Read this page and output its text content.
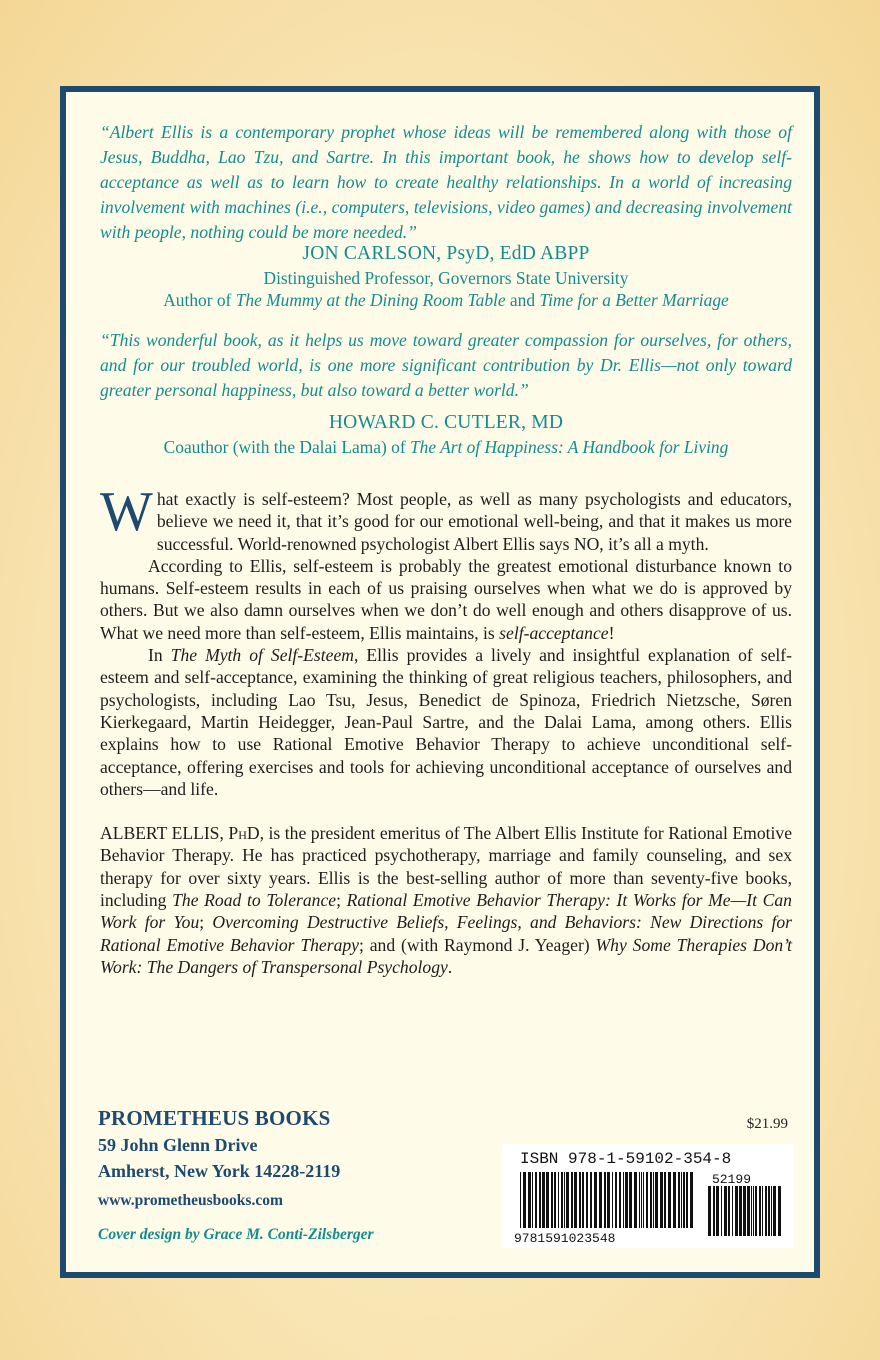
“Albert Ellis is a contemporary prophet whose ideas will be remembered along with those of Jesus, Buddha, Lao Tzu, and Sartre. In this important book, he shows how to develop self-acceptance as well as to learn how to create healthy relationships. In a world of increasing involvement with machines (i.e., computers, televisions, video games) and decreasing involvement with people, nothing could be more needed.”

JON CARLSON, PsyD, EdD ABPP
Distinguished Professor, Governors State University
Author of The Mummy at the Dining Room Table and Time for a Better Marriage

“This wonderful book, as it helps us move toward greater compassion for ourselves, for others, and for our troubled world, is one more significant contribution by Dr. Ellis—not only toward greater personal happiness, but also toward a better world.”

HOWARD C. CUTLER, MD
Coauthor (with the Dalai Lama) of The Art of Happiness: A Handbook for Living

What exactly is self-esteem? Most people, as well as many psychologists and educators, believe we need it, that it’s good for our emotional well-being, and that it makes us more successful. World-renowned psychologist Albert Ellis says NO, it’s all a myth.

According to Ellis, self-esteem is probably the greatest emotional disturbance known to humans. Self-esteem results in each of us praising ourselves when what we do is approved by others. But we also damn ourselves when we don’t do well enough and others disapprove of us. What we need more than self-esteem, Ellis maintains, is self-acceptance!

In The Myth of Self-Esteem, Ellis provides a lively and insightful explanation of self-esteem and self-acceptance, examining the thinking of great religious teachers, philosophers, and psychologists, including Lao Tsu, Jesus, Benedict de Spinoza, Friedrich Nietzsche, Søren Kierkegaard, Martin Heidegger, Jean-Paul Sartre, and the Dalai Lama, among others. Ellis explains how to use Rational Emotive Behavior Therapy to achieve unconditional self-acceptance, offering exercises and tools for achieving unconditional acceptance of ourselves and others—and life.

ALBERT ELLIS, PhD, is the president emeritus of The Albert Ellis Institute for Rational Emotive Behavior Therapy. He has practiced psychotherapy, marriage and family counseling, and sex therapy for over sixty years. Ellis is the best-selling author of more than seventy-five books, including The Road to Tolerance; Rational Emotive Behavior Therapy: It Works for Me—It Can Work for You; Overcoming Destructive Beliefs, Feelings, and Behaviors: New Directions for Rational Emotive Behavior Therapy; and (with Raymond J. Yeager) Why Some Therapies Don’t Work: The Dangers of Transpersonal Psychology.

PROMETHEUS BOOKS
59 John Glenn Drive
Amherst, New York 14228-2119
www.prometheusbooks.com
Cover design by Grace M. Conti-Zilsberger
$21.99
ISBN 978-1-59102-354-8
9781591023548
52199
